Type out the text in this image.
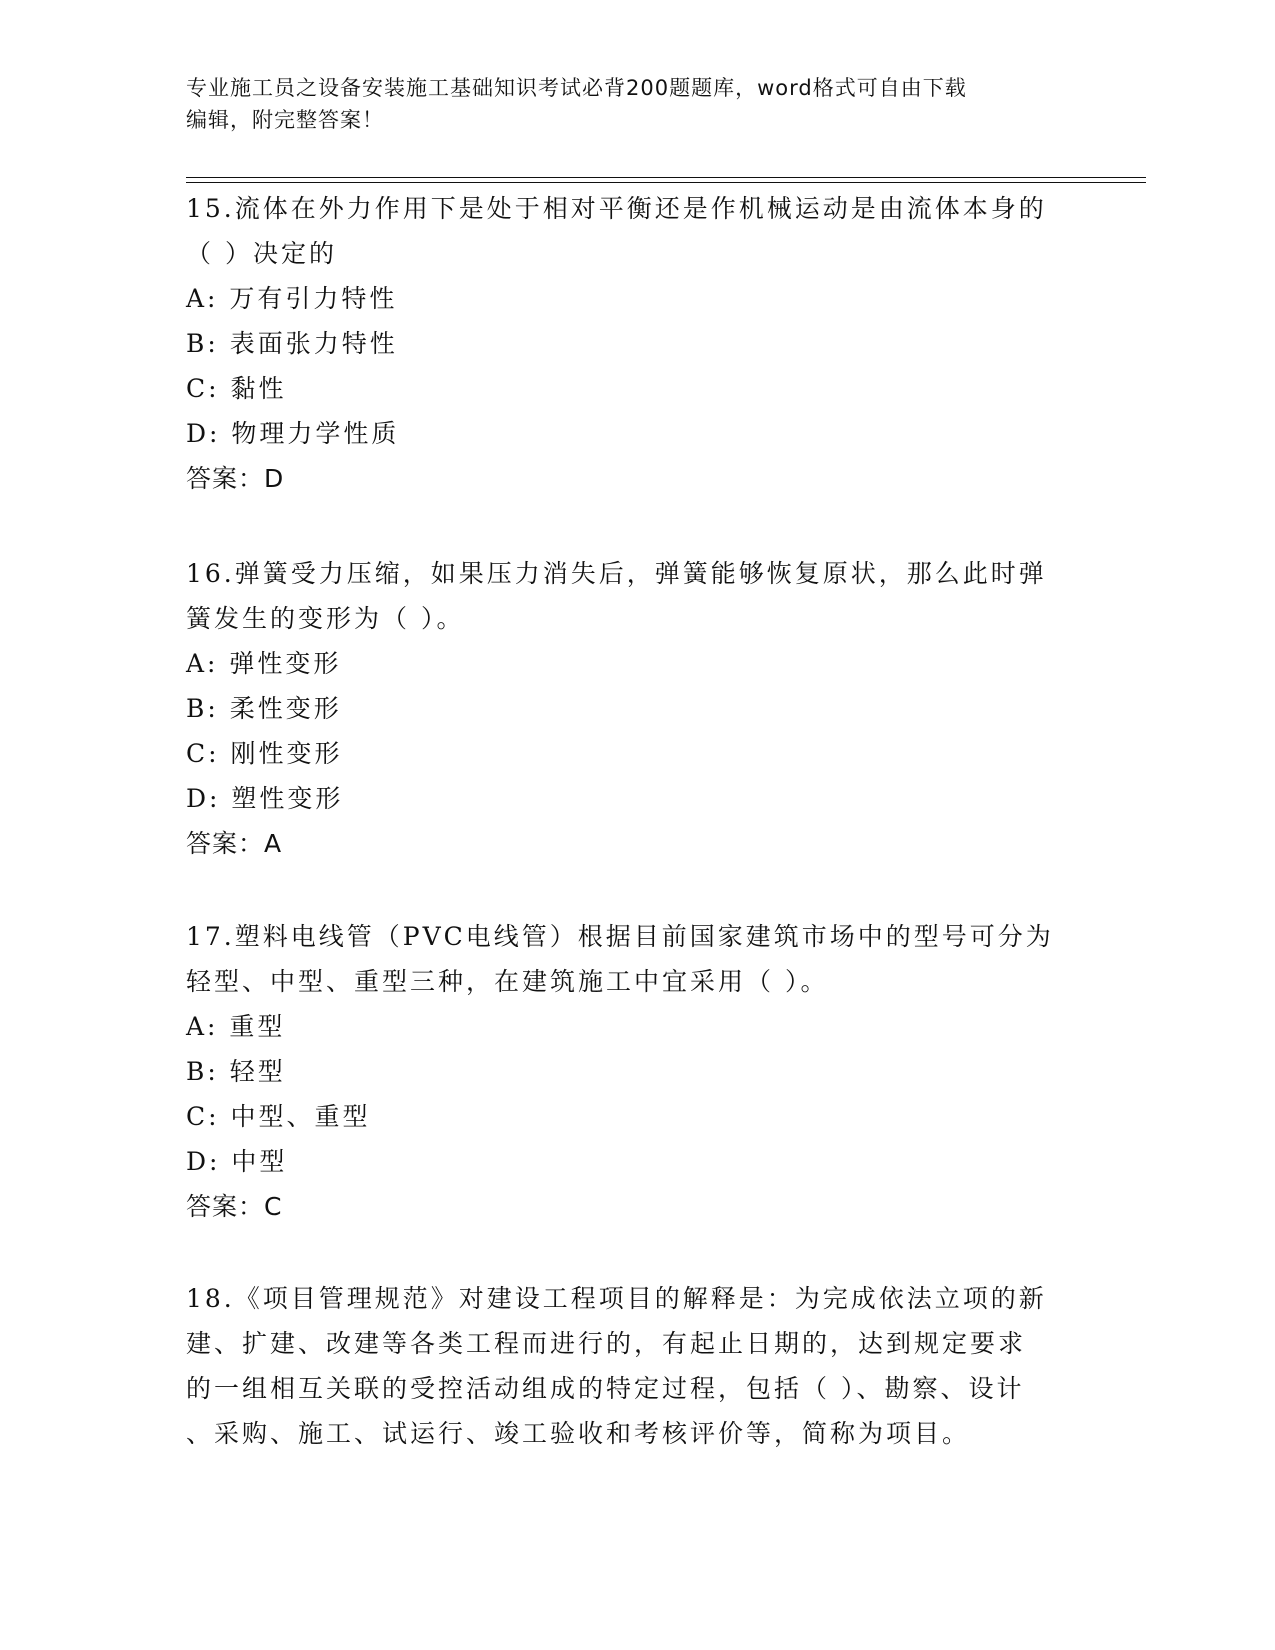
专业施工员之设备安装施工基础知识考试必背200题题库，word格式可自由下载
编辑，附完整答案！

15.流体在外力作用下是处于相对平衡还是作机械运动是由流体本身的

（ ）决定的

A: 万有引力特性

B: 表面张力特性

C: 黏性

D: 物理力学性质

答案：D

16.弹簧受力压缩，如果压力消失后，弹簧能够恢复原状，那么此时弹

簧发生的变形为（ ）。

A: 弹性变形

B: 柔性变形

C: 刚性变形

D: 塑性变形

答案：A

17.塑料电线管（PVC电线管）根据目前国家建筑市场中的型号可分为

轻型、中型、重型三种，在建筑施工中宜采用（ ）。

A: 重型

B: 轻型

C: 中型、重型

D: 中型

答案：C

18.《项目管理规范》对建设工程项目的解释是：为完成依法立项的新

建、扩建、改建等各类工程而进行的，有起止日期的，达到规定要求

的一组相互关联的受控活动组成的特定过程，包括（ ）、勘察、设计

、采购、施工、试运行、竣工验收和考核评价等，简称为项目。
